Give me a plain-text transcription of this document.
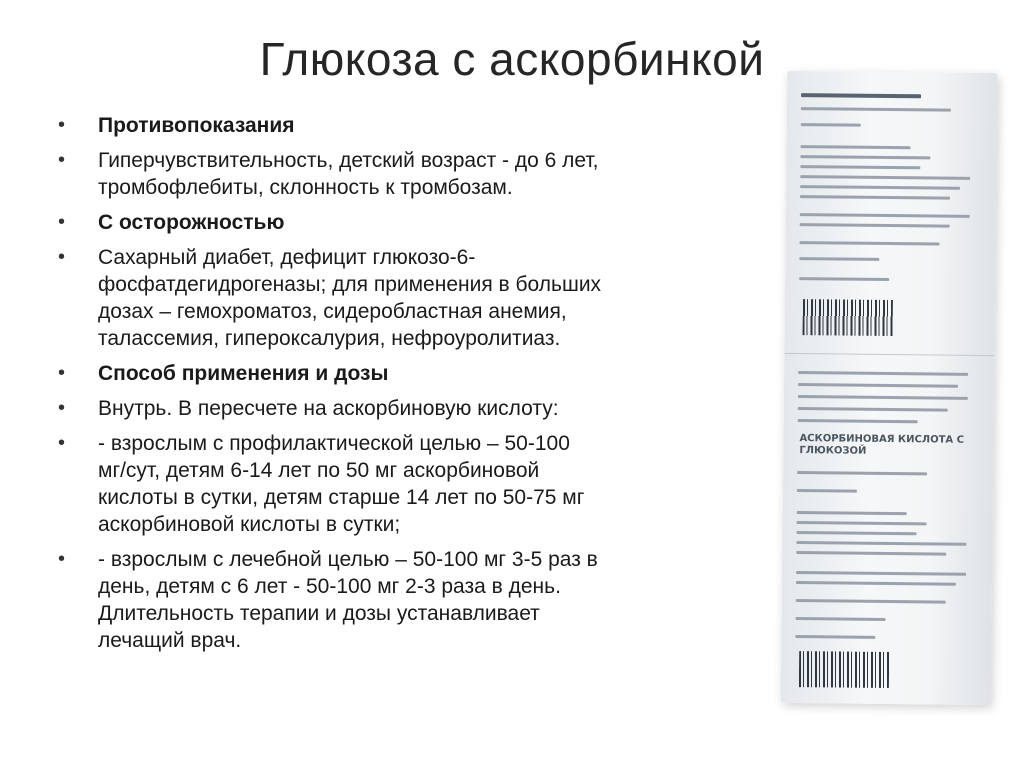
Глюкоза с аскорбинкой
•	Противопоказания
•	Гиперчувствительность, детский возраст - до 6 лет,
тромбофлебиты, склонность к тромбозам.
•	С осторожностью
•	Сахарный диабет, дефицит глюкозо-6-
фосфатдегидрогеназы; для применения в больших
дозах – гемохроматоз, сидеробластная анемия,
талассемия, гипероксалурия, нефроуролитиаз.
•	Способ применения и дозы
•	Внутрь. В пересчете на аскорбиновую кислоту:
•	- взрослым с профилактической целью – 50-100
мг/сут, детям 6-14 лет по 50 мг аскорбиновой
кислоты в сутки, детям старше 14 лет по 50-75 мг
аскорбиновой кислоты в сутки;
•	- взрослым с лечебной целью – 50-100 мг 3-5 раз в
день, детям с 6 лет - 50-100 мг 2-3 раза в день.
Длительность терапии и дозы устанавливает
лечащий врач.
АСКОРБИНОВАЯ КИСЛОТА С ГЛЮКОЗОЙ
